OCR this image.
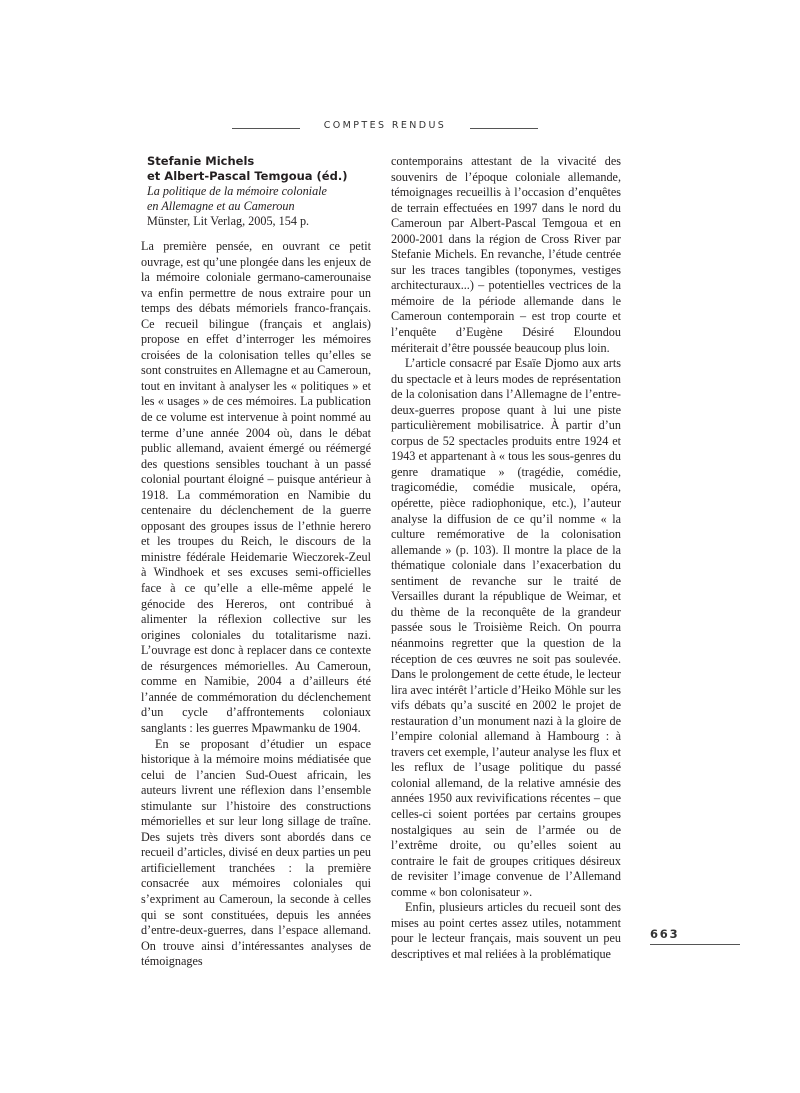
COMPTES RENDUS
Stefanie Michels
et Albert-Pascal Temgoua (éd.)
La politique de la mémoire coloniale
en Allemagne et au Cameroun
Münster, Lit Verlag, 2005, 154 p.

La première pensée, en ouvrant ce petit ouvrage, est qu’une plongée dans les enjeux de la mémoire coloniale germano-camerounaise va enfin permettre de nous extraire pour un temps des débats mémoriels franco-français. Ce recueil bilingue (français et anglais) propose en effet d’interroger les mémoires croisées de la colonisation telles qu’elles se sont construites en Allemagne et au Cameroun, tout en invitant à analyser les « politiques » et les « usages » de ces mémoires. La publication de ce volume est intervenue à point nommé au terme d’une année 2004 où, dans le débat public allemand, avaient émergé ou réémergé des questions sensibles touchant à un passé colonial pourtant éloigné – puisque antérieur à 1918. La commémoration en Namibie du centenaire du déclenchement de la guerre opposant des groupes issus de l’ethnie herero et les troupes du Reich, le discours de la ministre fédérale Heidemarie Wieczorek-Zeul à Windhoek et ses excuses semi-officielles face à ce qu’elle a elle-même appelé le génocide des Hereros, ont contribué à alimenter la réflexion collective sur les origines coloniales du totalitarisme nazi. L’ouvrage est donc à replacer dans ce contexte de résurgences mémorielles. Au Cameroun, comme en Namibie, 2004 a d’ailleurs été l’année de commémoration du déclenchement d’un cycle d’affrontements coloniaux sanglants : les guerres Mpawmanku de 1904.

En se proposant d’étudier un espace historique à la mémoire moins médiatisée que celui de l’ancien Sud-Ouest africain, les auteurs livrent une réflexion dans l’ensemble stimulante sur l’histoire des constructions mémorielles et sur leur long sillage de traîne. Des sujets très divers sont abordés dans ce recueil d’articles, divisé en deux parties un peu artificiellement tranchées : la première consacrée aux mémoires coloniales qui s’expriment au Cameroun, la seconde à celles qui se sont constituées, depuis les années d’entre-deux-guerres, dans l’espace allemand. On trouve ainsi d’intéressantes analyses de témoignages

contemporains attestant de la vivacité des souvenirs de l’époque coloniale allemande, témoignages recueillis à l’occasion d’enquêtes de terrain effectuées en 1997 dans le nord du Cameroun par Albert-Pascal Temgoua et en 2000-2001 dans la région de Cross River par Stefanie Michels. En revanche, l’étude centrée sur les traces tangibles (toponymes, vestiges architecturaux...) – potentielles vectrices de la mémoire de la période allemande dans le Cameroun contemporain – est trop courte et l’enquête d’Eugène Désiré Eloundou mériterait d’être poussée beaucoup plus loin.

L’article consacré par Esaïe Djomo aux arts du spectacle et à leurs modes de représentation de la colonisation dans l’Allemagne de l’entre-deux-guerres propose quant à lui une piste particulièrement mobilisatrice. À partir d’un corpus de 52 spectacles produits entre 1924 et 1943 et appartenant à « tous les sous-genres du genre dramatique » (tragédie, comédie, tragicomédie, comédie musicale, opéra, opérette, pièce radiophonique, etc.), l’auteur analyse la diffusion de ce qu’il nomme « la culture remémorative de la colonisation allemande » (p. 103). Il montre la place de la thématique coloniale dans l’exacerbation du sentiment de revanche sur le traité de Versailles durant la république de Weimar, et du thème de la reconquête de la grandeur passée sous le Troisième Reich. On pourra néanmoins regretter que la question de la réception de ces œuvres ne soit pas soulevée. Dans le prolongement de cette étude, le lecteur lira avec intérêt l’article d’Heiko Möhle sur les vifs débats qu’a suscité en 2002 le projet de restauration d’un monument nazi à la gloire de l’empire colonial allemand à Hambourg : à travers cet exemple, l’auteur analyse les flux et les reflux de l’usage politique du passé colonial allemand, de la relative amnésie des années 1950 aux revivifications récentes – que celles-ci soient portées par certains groupes nostalgiques au sein de l’armée ou de l’extrême droite, ou qu’elles soient au contraire le fait de groupes critiques désireux de revisiter l’image convenue de l’Allemand comme « bon colonisateur ».

Enfin, plusieurs articles du recueil sont des mises au point certes assez utiles, notamment pour le lecteur français, mais souvent un peu descriptives et mal reliées à la problématique

663
